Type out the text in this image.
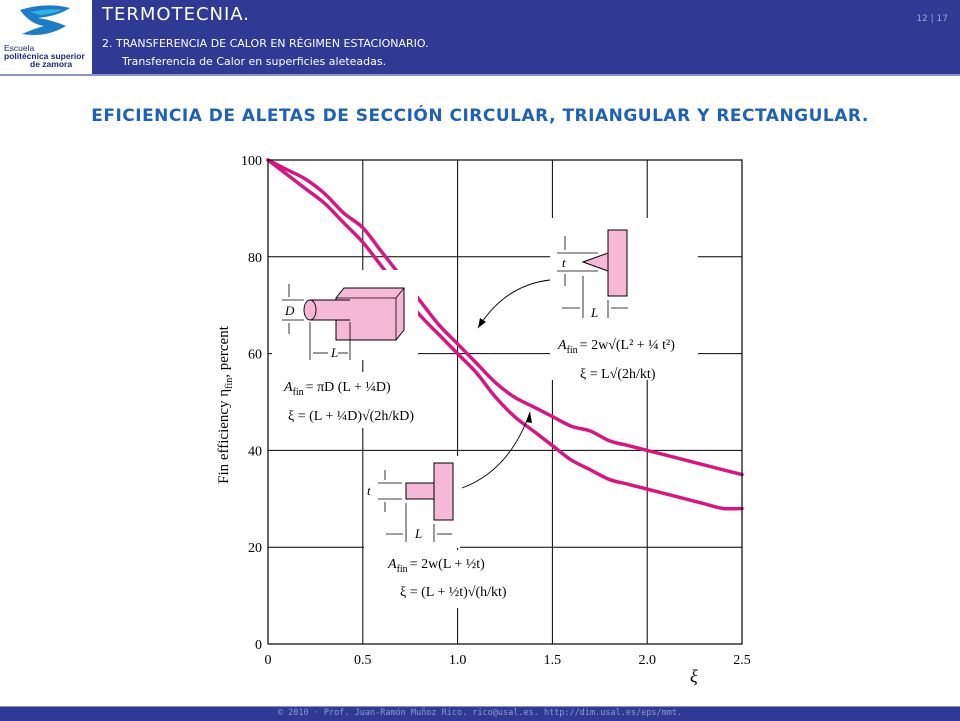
Escuela
politécnica superior
de zamora
TERMOTECNIA.
2. TRANSFERENCIA DE CALOR EN RÉGIMEN ESTACIONARIO.
Transferencia de Calor en superficies aleteadas.
12 | 17
EFICIENCIA DE ALETAS DE SECCIÓN CIRCULAR, TRIANGULAR Y RECTANGULAR.
0	0.5	1.0	1.5	2.0	2.5
0
20
40
60
80
100
Fin efficiency $\eta_{fin}$, percent
ξ
t
L
$A_{fin} = 2w√(L^2$ + ¼ t²)
ξ = L√(2h/kt)
D
L
$A_{fin} = \pi D$ (L + ¼D)
ξ = (L + ¼D)√(2h/kD)
t
L
$A_{fin} = 2w(L$ + ½t)
ξ = (L + ½t)√(h/kt)
© 2010 · Prof. Juan-Ramón Muñoz Rico. rico@usal.es. http://dim.usal.es/eps/mmt.
